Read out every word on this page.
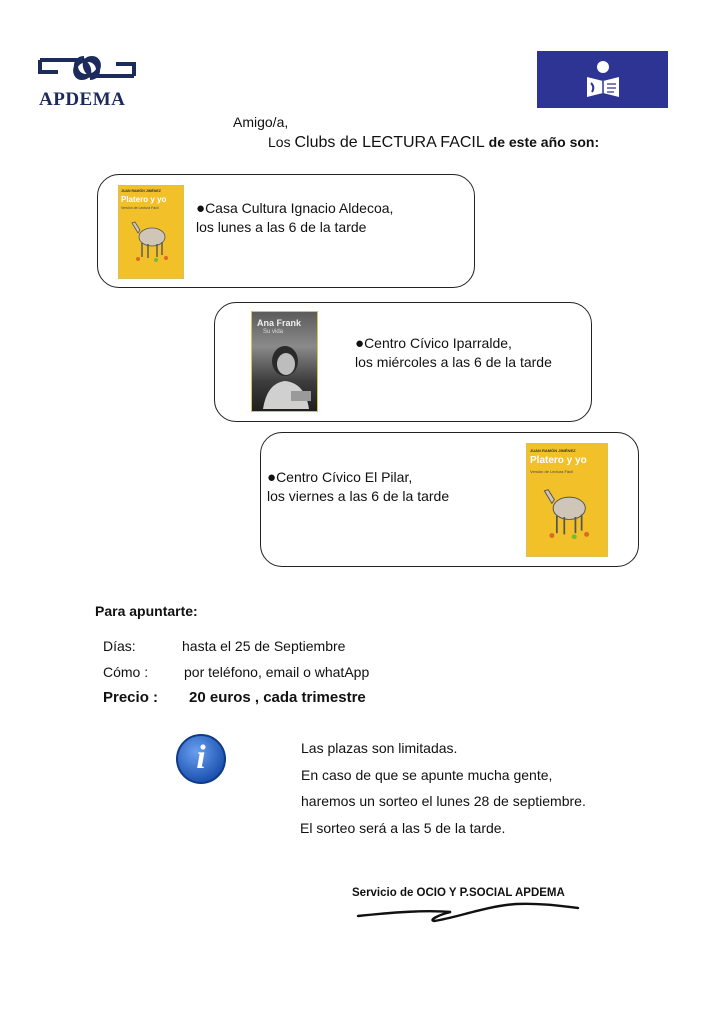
APDEMA
Amigo/a,
Los Clubs de LECTURA FACIL de este año son:
JUAN RAMÓN JIMÉNEZ
Platero y yo
Versión de Lectura Fácil ●Casa Cultura Ignacio Aldecoa,
los lunes a las 6 de la tarde
Ana Frank
Su vida
●Centro Cívico Iparralde,
los miércoles a las 6 de la tarde
●Centro Cívico El Pilar,
los viernes a las 6 de la tarde
JUAN RAMÓN JIMÉNEZ
Platero y yo
Versión de Lectura Fácil
Para apuntarte:
Días:	hasta el 25 de Septiembre
Cómo :	por teléfono, email o whatApp
Precio : 20 euros , cada trimestre
i	Las plazas son limitadas.
En caso de que se apunte mucha gente,
haremos un sorteo el lunes 28 de septiembre.
El sorteo será a las 5 de la tarde.
Servicio de OCIO Y P.SOCIAL APDEMA
